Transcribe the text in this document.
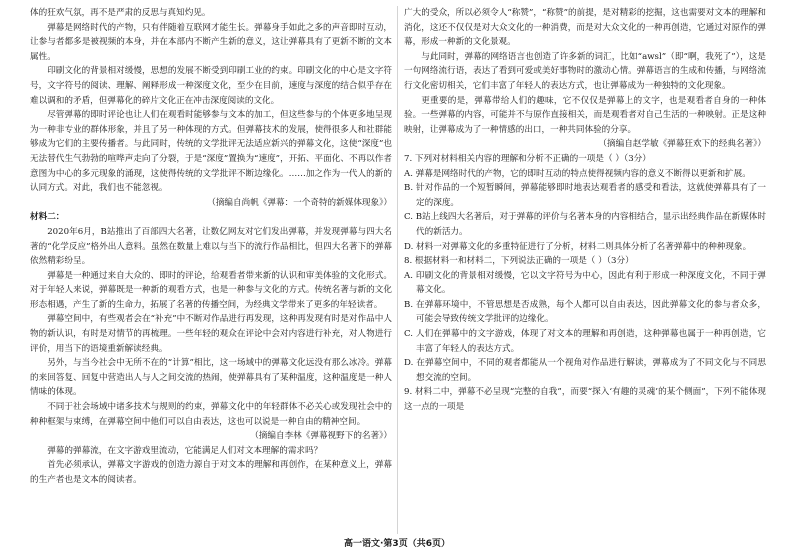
体的狂欢气氛，再不是严肃的反思与真知灼见。

弹幕是网络时代的产物，只有伴随着互联网才能生长。弹幕身手如此之多的声音即时互动，让参与者都多是被视频的本身，并在本部内不断产生新的意义，这让弹幕具有了更新不断的文本属性。

印刷文化的背景相对缓慢，思想的发展不断受到印刷工业的约束。印刷文化的中心是文字符号，文字符号的阅读、理解、阐释形成一种深度文化，至少在目前，速度与深度的结合似乎存在难以调和的矛盾，但弹幕化的碎片文化正在冲击深度阅读的文化。

尽管弹幕的即时评论也让人们在观看时能够参与文本的加工，但这些参与的个体更多地呈现为一种非专业的群体形象，并且了另一种体现的方式。但弹幕技术的发展，使得很多人和社群能够成为它们的主要传播者。与此同时，传统的文学批评无法适应新兴的弹幕文化，这使“深度”也无法替代生气勃勃的喧哗声走向了分裂，于是“深度”置换为“速度”，开拓、平面化、不再以作者意图为中心的多元现象的涌现，这使得传统的文学批评不断边缘化。……加之作为一代人的新的认同方式。对此，我们也不能忽视。

（摘编自尚帆《弹幕：一个奇特的新媒体现象》）

材料二：

2020年6月，B站推出了百部四大名著，让数亿网友对它们发出弹幕，并发现弹幕与四大名著的“化学反应”格外出人意料。虽然在数量上难以与当下的流行作品相比，但四大名著下的弹幕依然精彩纷呈。

弹幕是一种通过来自大众的、即时的评论，给观看者带来新的认识和审美体验的文化形式。对于年轻人来说，弹幕既是一种新的观看方式，也是一种参与文化的方式。传统名著与新的文化形态相遇，产生了新的生命力，拓展了名著的传播空间，为经典文学带来了更多的年轻读者。

弹幕空间中，有些观者会在“补充”中不断对作品进行再发现，这种再发现有时是对作品中人物的新认识，有时是对情节的再梳理。一些年轻的观众在评论中会对内容进行补充，对人物进行评价，用当下的语境重新解读经典。

另外，与当今社会中无所不在的“计算”相比，这一场域中的弹幕文化远没有那么冰冷。弹幕的来回答复、回复中营造出人与人之间交流的热闹，使弹幕具有了某种温度，这种温度是一种人情味的体现。

不同于社会场域中诸多技术与规则的约束，弹幕文化中的年轻群体不必关心或发现社会中的种种框架与束缚，在弹幕空间中他们可以自由表达，这也可以说是一种自由的精神空间。

（摘编自李林《弹幕视野下的名著》）

弹幕的弹幕流，在文字游戏里流动，它能满足人们对文本理解的需求吗？

首先必须承认，弹幕文字游戏的创造力源自于对文本的理解和再创作，在某种意义上，弹幕的生产者也是文本的阅读者。

广大的受众，所以必须令人“称赞”，“称赞”的前提，是对精彩的挖掘，这也需要对文本的理解和消化，这还不仅仅是对大众文化的一种消费，而是对大众文化的一种再创造，它通过对原作的弹幕，形成一种新的文化景观。

与此同时，弹幕的网络语言也创造了许多新的词汇，比如“awsl”（即“啊，我死了”），这是一句网络流行语，表达了看到可爱或美好事物时的激动心情。弹幕语言的生成和传播，与网络流行文化密切相关，它们丰富了年轻人的表达方式，也让弹幕成为一种独特的文化现象。

更重要的是，弹幕带给人们的趣味，它不仅仅是弹幕上的文字，也是观看者自身的一种体验。一些弹幕的内容，可能并不与原作直接相关，而是观看者对自己生活的一种映射。正是这种映射，让弹幕成为了一种情感的出口，一种共同体验的分享。

（摘编自赵学敏《弹幕狂欢下的经典名著》）

7. 下列对材料相关内容的理解和分析不正确的一项是（ ）（3分）

A. 弹幕是网络时代的产物，它的即时互动的特点使得视频内容的意义不断得以更新和扩展。

B. 针对作品的一个短暂瞬间，弹幕能够即时地表达观看者的感受和看法，这就使弹幕具有了一定的深度。

C. B站上线四大名著后，对于弹幕的评价与名著本身的内容相结合，显示出经典作品在新媒体时代的新活力。

D. 材料一对弹幕文化的多重特征进行了分析，材料二则具体分析了名著弹幕中的种种现象。

8. 根据材料一和材料二，下列说法正确的一项是（ ）（3分）

A. 印刷文化的背景相对缓慢，它以文字符号为中心，因此有利于形成一种深度文化，不同于弹幕文化。

B. 在弹幕环境中，不管思想是否成熟，每个人都可以自由表达，因此弹幕文化的参与者众多，可能会导致传统文学批评的边缘化。

C. 人们在弹幕中的文字游戏，体现了对文本的理解和再创造，这种弹幕也属于一种再创造，它丰富了年轻人的表达方式。

D. 在弹幕空间中，不同的观者都能从一个视角对作品进行解读，弹幕成为了不同文化与不同思想交流的空间。

9. 材料二中，弹幕不必呈现“完整的自我”，而要“探入‘有趣的灵魂’的某个侧面”，下列不能体现这一点的一项是

高一语文·第3页（共6页）
